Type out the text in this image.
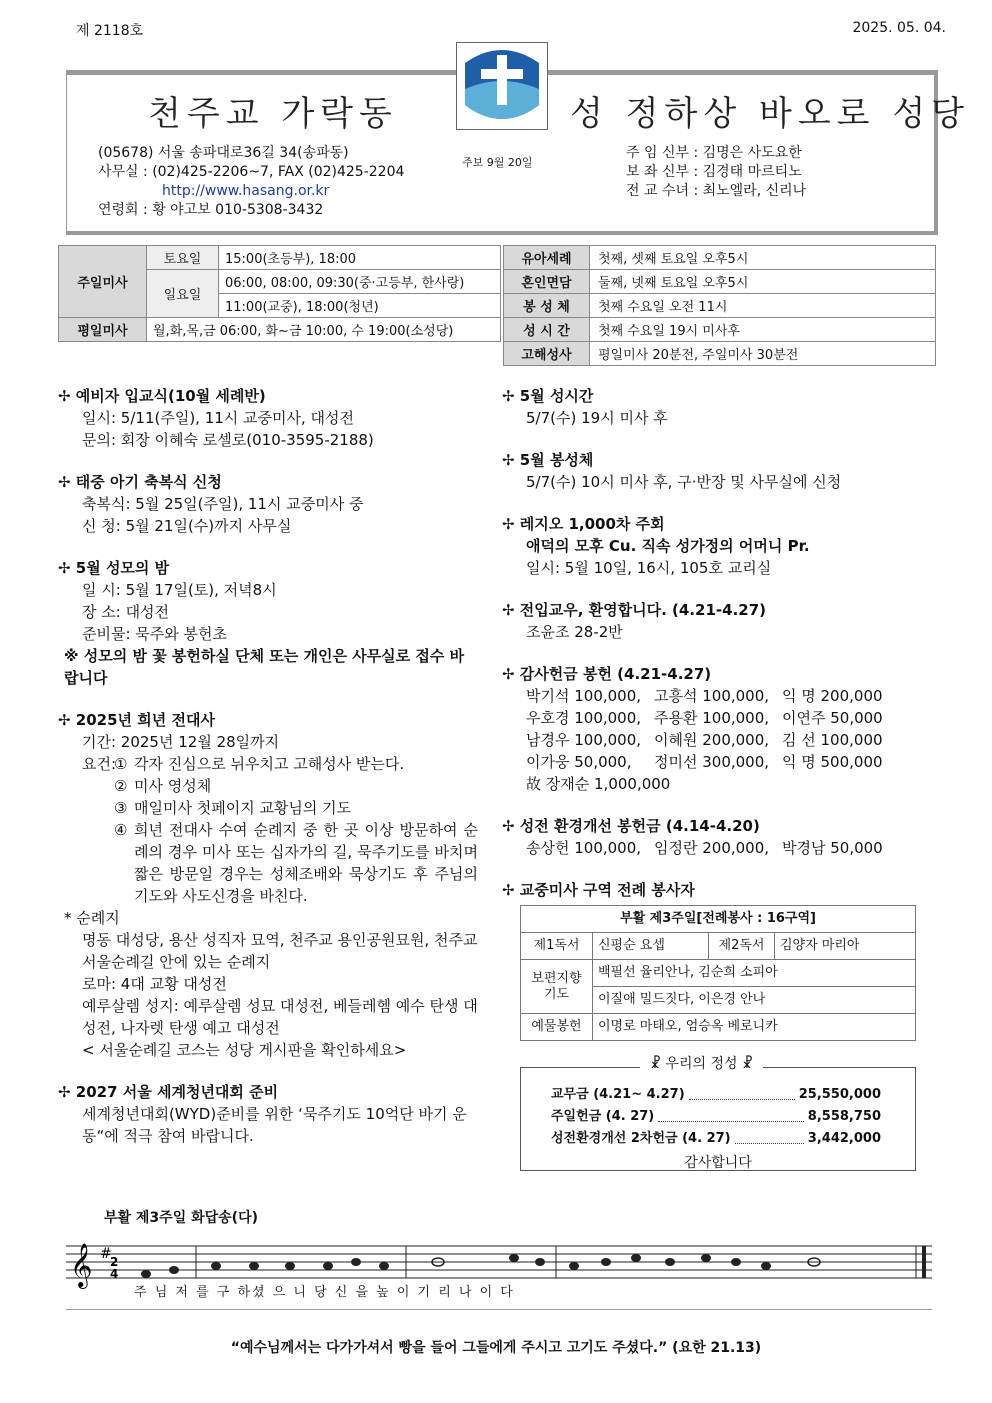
제 2118호	2025. 05. 04.
천주교 가락동	성 정하상 바오로 성당
(05678) 서울 송파대로36길 34(송파동)
사무실 : (02)425-2206~7, FAX (02)425-2204
http://www.hasang.or.kr
연령회 : 황 야고보 010-5308-3432
주보 9월 20일
주 임 신부 : 김명은 사도요한
보 좌 신부 : 김경태 마르티노
전 교 수녀 : 최노엘라, 신리나
주일미사	토요일	15:00(초등부), 18:00
	일요일	06:00, 08:00, 09:30(중·고등부, 한사랑)
		11:00(교중), 18:00(청년)
평일미사	월,화,목,금 06:00, 화~금 10:00, 수 19:00(소성당)	
유아세례	첫째, 셋째 토요일 오후5시
혼인면담	둘째, 넷째 토요일 오후5시
봉 성 체	첫째 수요일 오전 11시
성 시 간	첫째 수요일 19시 미사후
고해성사	평일미사 20분전, 주일미사 30분전
✢ 예비자 입교식(10월 세례반)
일시: 5/11(주일), 11시 교중미사, 대성전
문의: 회장 이혜숙 로셀로(010-3595-2188)
✢ 태중 아기 축복식 신청
축복식: 5월 25일(주일), 11시 교중미사 중
신 청: 5월 21일(수)까지 사무실
✢ 5월 성모의 밤
일 시: 5월 17일(토), 저녁8시
장 소: 대성전
준비물: 묵주와 봉헌초
※ 성모의 밤 꽃 봉헌하실 단체 또는 개인은 사무실로 접수 바랍니다
✢ 2025년 희년 전대사
기간: 2025년 12월 28일까지
요건:
① 각자 진심으로 뉘우치고 고해성사 받는다.
② 미사 영성체
③ 매일미사 첫페이지 교황님의 기도
④ 희년 전대사 수여 순례지 중 한 곳 이상 방문하여 순례의 경우 미사 또는 십자가의 길, 묵주기도를 바치며 짧은 방문일 경우는 성체조배와 묵상기도 후 주님의 기도와 사도신경을 바친다.
* 순례지
명동 대성당, 용산 성직자 묘역, 천주교 용인공원묘원, 천주교 서울순례길 안에 있는 순례지
로마: 4대 교황 대성전
예루살렘 성지: 예루살렘 성묘 대성전, 베들레헴 예수 탄생 대성전, 나자렛 탄생 예고 대성전
< 서울순례길 코스는 성당 게시판을 확인하세요>
✢ 2027 서울 세계청년대회 준비
세계청년대회(WYD)준비를 위한 ‘묵주기도 10억단 바기 운동“에 적극 참여 바랍니다.
✢ 5월 성시간
5/7(수) 19시 미사 후
✢ 5월 봉성체
5/7(수) 10시 미사 후, 구·반장 및 사무실에 신청
✢ 레지오 1,000차 주회
애덕의 모후 Cu. 직속 성가정의 어머니 Pr.
일시: 5월 10일, 16시, 105호 교리실
✢ 전입교우, 환영합니다. (4.21-4.27)
조윤조 28-2반
✢ 감사헌금 봉헌 (4.21-4.27)
박기석 100,000, 고흥석 100,000, 익 명 200,000
우호경 100,000, 주용환 100,000, 이연주 50,000
남경우 100,000, 이혜원 200,000, 김 선 100,000
이가웅 50,000,	정미선 300,000, 익 명 500,000
故 장재순 1,000,000
✢ 성전 환경개선 봉헌금 (4.14-4.20)
송상헌 100,000, 임정란 200,000, 박경남 50,000
✢ 교중미사 구역 전례 봉사자
부활 제3주일[전례봉사 : 16구역]			
제1독서	신평순 요셉	제2독서	김양자 마리아
보편지향 기도	백필선 율리안나, 김순희 소피아		
	이질애 밀드짓다, 이은경 안나		
예물봉헌	이명로 마태오, 엄승옥 베로니카		
교무금 (4.21~ 4.27)	25,550,000
주일헌금 (4. 27)	8,558,750
성전환경개선 2차헌금 (4. 27)	3,442,000
감사합니다
☧ 우리의 정성 ☧
부활 제3주일 화답송(다)
𝄞 #
2
4
주 님 저 를 구 하셨 으 니 당 신 을 높 이 기 리 나 이 다
“예수님께서는 다가가셔서 빵을 들어 그들에게 주시고 고기도 주셨다.” (요한 21.13)
